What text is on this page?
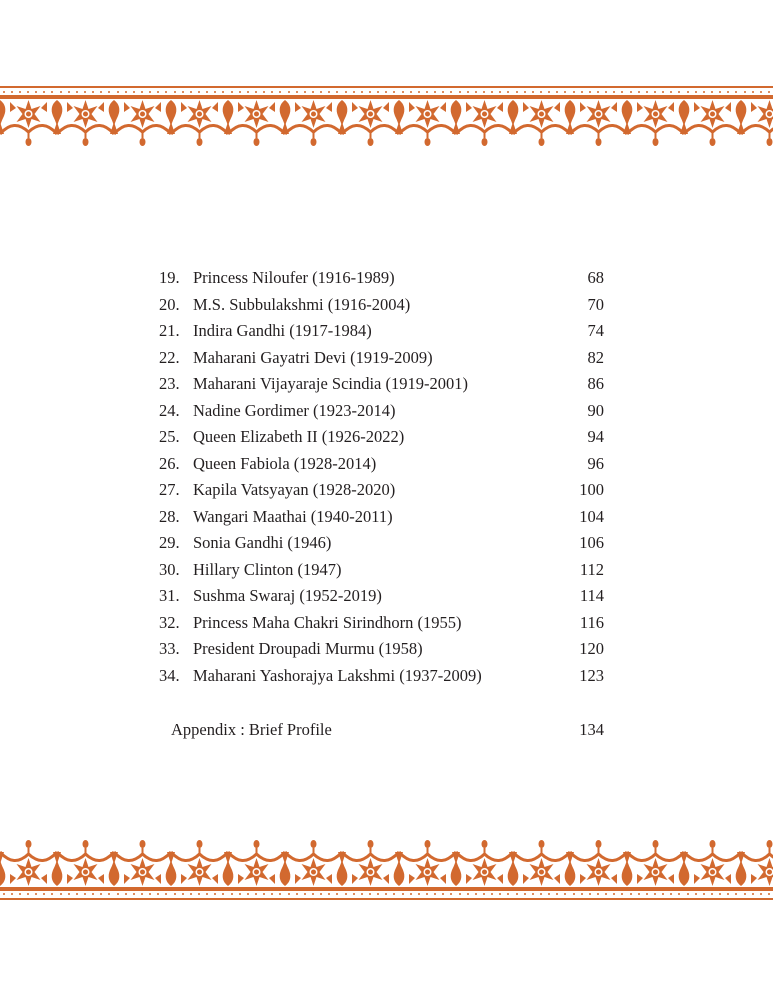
19. Princess Niloufer (1916-1989)	68
20. M.S. Subbulakshmi (1916-2004)	70
21. Indira Gandhi (1917-1984)	74
22. Maharani Gayatri Devi (1919-2009)	82
23. Maharani Vijayaraje Scindia (1919-2001)	86
24. Nadine Gordimer (1923-2014)	90
25. Queen Elizabeth II (1926-2022)	94
26. Queen Fabiola (1928-2014)	96
27. Kapila Vatsyayan (1928-2020)	100
28. Wangari Maathai (1940-2011)	104
29. Sonia Gandhi (1946)	106
30. Hillary Clinton (1947)	112
31. Sushma Swaraj (1952-2019)	114
32. Princess Maha Chakri Sirindhorn (1955)	116
33. President Droupadi Murmu (1958)	120
34. Maharani Yashorajya Lakshmi (1937-2009)	123
Appendix : Brief Profile	134
